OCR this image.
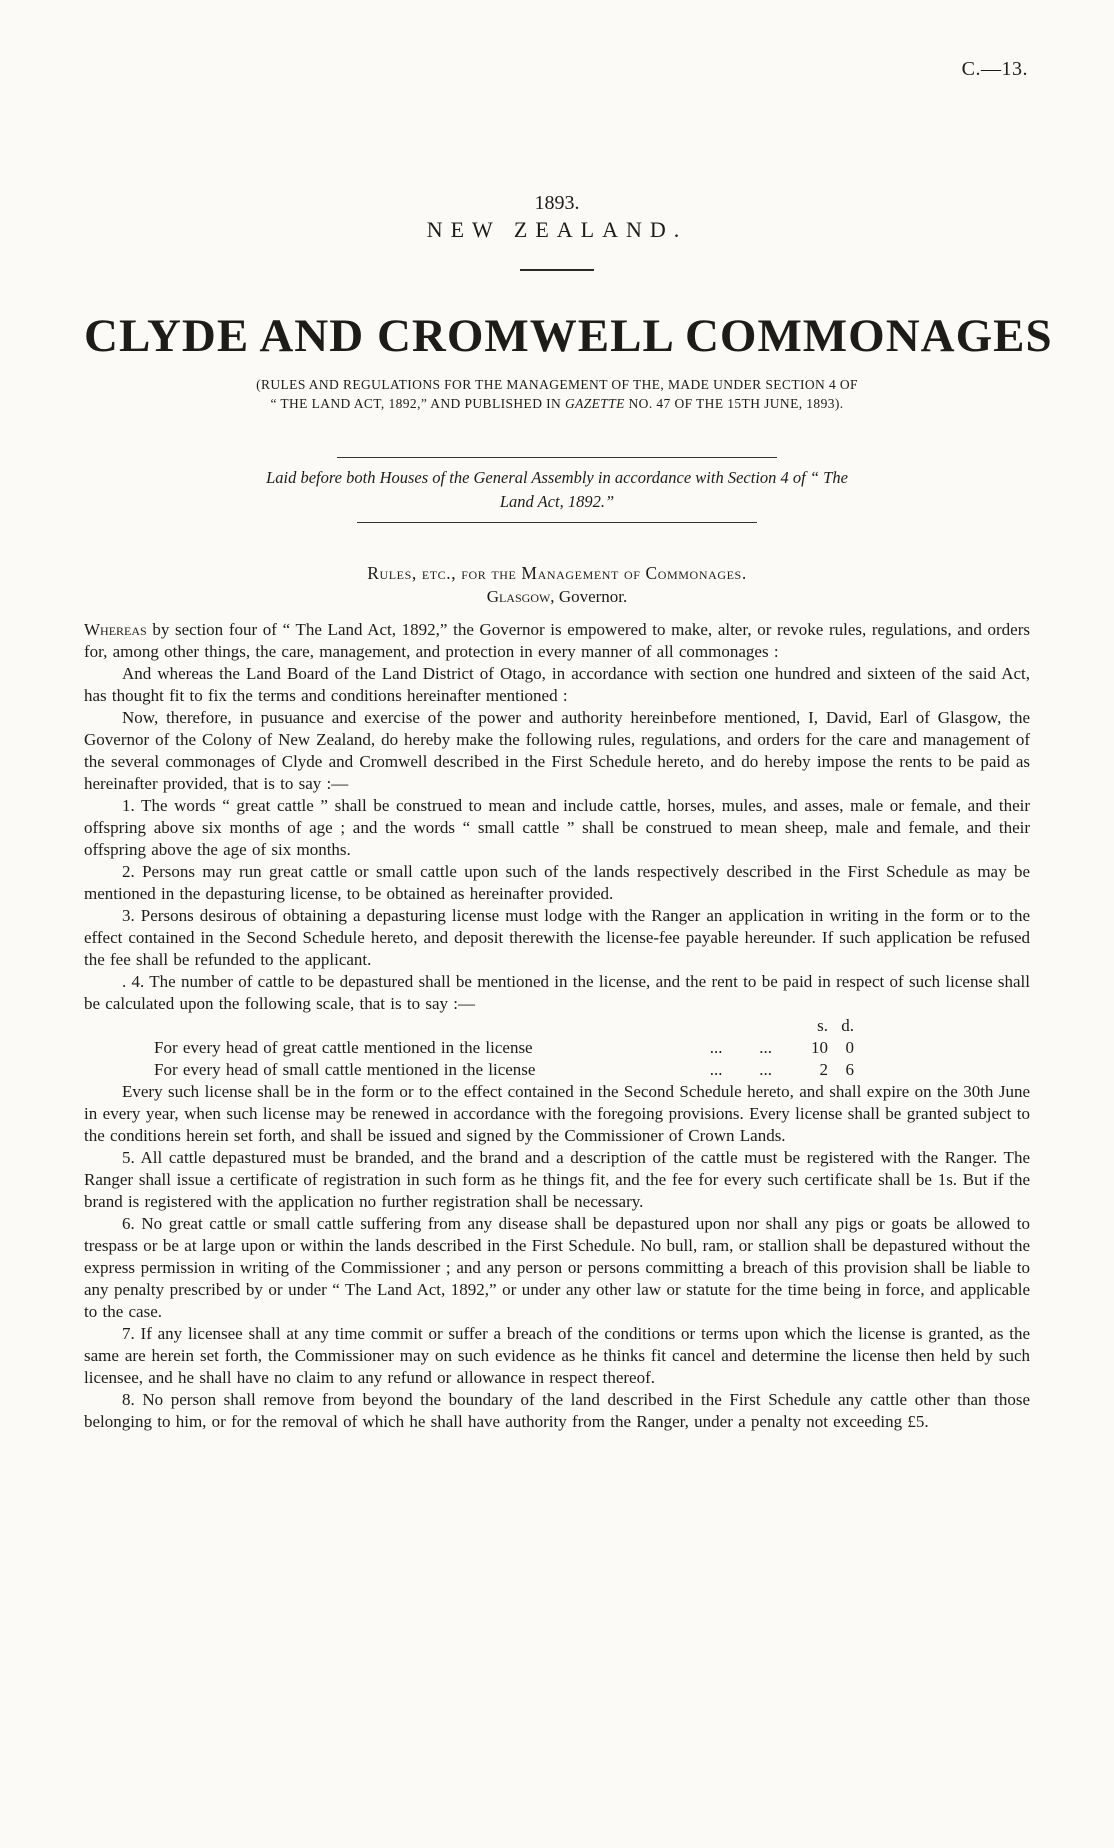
C.—13.
1893.
NEW ZEALAND.
CLYDE AND CROMWELL COMMONAGES
(RULES AND REGULATIONS FOR THE MANAGEMENT OF THE, MADE UNDER SECTION 4 OF
“ THE LAND ACT, 1892,” AND PUBLISHED IN GAZETTE NO. 47 OF THE 15TH JUNE, 1893).
Laid before both Houses of the General Assembly in accordance with Section 4 of “ The
Land Act, 1892.”
Rules, etc., for the Management of Commonages.
Glasgow, Governor.

Whereas by section four of “ The Land Act, 1892,” the Governor is empowered to make, alter, or revoke rules, regulations, and orders for, among other things, the care, management, and protection in every manner of all commonages :

And whereas the Land Board of the Land District of Otago, in accordance with section one hundred and sixteen of the said Act, has thought fit to fix the terms and conditions hereinafter mentioned :

Now, therefore, in pusuance and exercise of the power and authority hereinbefore mentioned, I, David, Earl of Glasgow, the Governor of the Colony of New Zealand, do hereby make the following rules, regulations, and orders for the care and management of the several commonages of Clyde and Cromwell described in the First Schedule hereto, and do hereby impose the rents to be paid as hereinafter provided, that is to say :—

1. The words “ great cattle ” shall be construed to mean and include cattle, horses, mules, and asses, male or female, and their offspring above six months of age ; and the words “ small cattle ” shall be construed to mean sheep, male and female, and their offspring above the age of six months.

2. Persons may run great cattle or small cattle upon such of the lands respectively described in the First Schedule as may be mentioned in the depasturing license, to be obtained as hereinafter provided.

3. Persons desirous of obtaining a depasturing license must lodge with the Ranger an application in writing in the form or to the effect contained in the Second Schedule hereto, and deposit therewith the license-fee payable hereunder. If such application be refused the fee shall be refunded to the applicant.

. 4. The number of cattle to be depastured shall be mentioned in the license, and the rent to be paid in respect of such license shall be calculated upon the following scale, that is to say :—

s. d.
For every head of great cattle mentioned in the license	...       ...	10	0
For every head of small cattle mentioned in the license	...       ...	2	6

Every such license shall be in the form or to the effect contained in the Second Schedule hereto, and shall expire on the 30th June in every year, when such license may be renewed in accordance with the foregoing provisions. Every license shall be granted subject to the conditions herein set forth, and shall be issued and signed by the Commissioner of Crown Lands.

5. All cattle depastured must be branded, and the brand and a description of the cattle must be registered with the Ranger. The Ranger shall issue a certificate of registration in such form as he things fit, and the fee for every such certificate shall be 1s. But if the brand is registered with the application no further registration shall be necessary.

6. No great cattle or small cattle suffering from any disease shall be depastured upon nor shall any pigs or goats be allowed to trespass or be at large upon or within the lands described in the First Schedule. No bull, ram, or stallion shall be depastured without the express permission in writing of the Commissioner ; and any person or persons committing a breach of this provision shall be liable to any penalty prescribed by or under “ The Land Act, 1892,” or under any other law or statute for the time being in force, and applicable to the case.

7. If any licensee shall at any time commit or suffer a breach of the conditions or terms upon which the license is granted, as the same are herein set forth, the Commissioner may on such evidence as he thinks fit cancel and determine the license then held by such licensee, and he shall have no claim to any refund or allowance in respect thereof.

8. No person shall remove from beyond the boundary of the land described in the First Schedule any cattle other than those belonging to him, or for the removal of which he shall have authority from the Ranger, under a penalty not exceeding £5.
